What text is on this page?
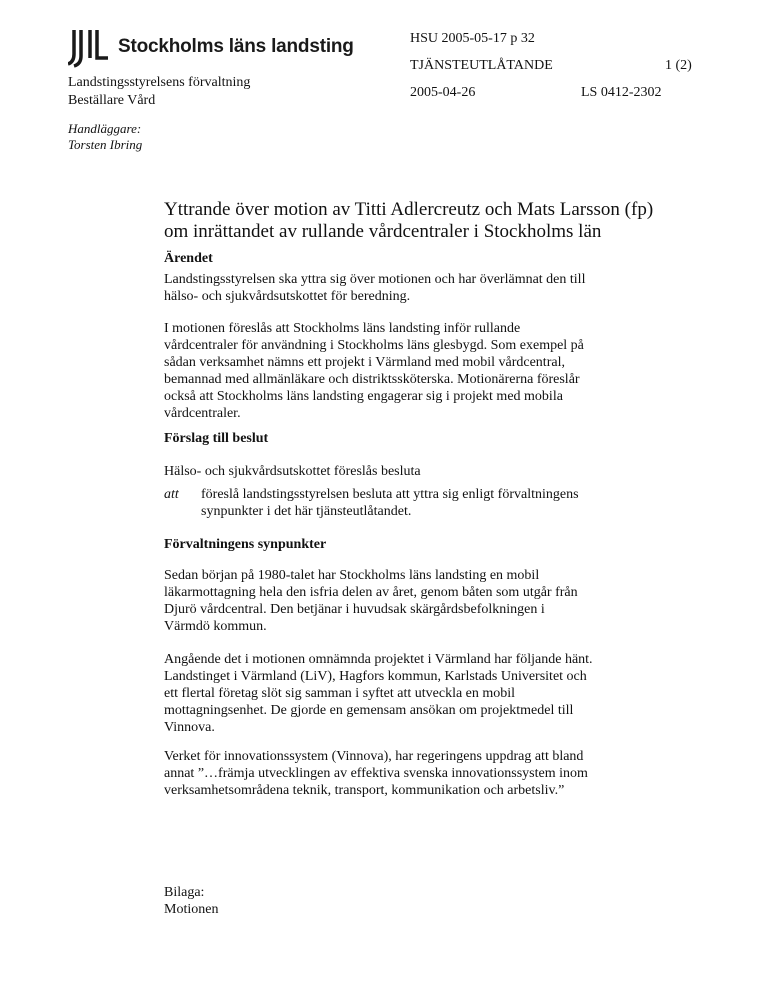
Stockholms läns landsting
Landstingsstyrelsens förvaltning
Beställare Vård
Handläggare:
Torsten Ibring
HSU 2005-05-17 p 32
TJÄNSTEUTLÅTANDE	1 (2)
2005-04-26	LS 0412-2302
Yttrande över motion av Titti Adlercreutz och Mats Larsson (fp)
om inrättandet av rullande vårdcentraler i Stockholms län
Ärendet
Landstingsstyrelsen ska yttra sig över motionen och har överlämnat den till
hälso- och sjukvårdsutskottet för beredning.
I motionen föreslås att Stockholms läns landsting inför rullande
vårdcentraler för användning i Stockholms läns glesbygd. Som exempel på
sådan verksamhet nämns ett projekt i Värmland med mobil vårdcentral,
bemannad med allmänläkare och distriktssköterska. Motionärerna föreslår
också att Stockholms läns landsting engagerar sig i projekt med mobila
vårdcentraler.
Förslag till beslut
Hälso- och sjukvårdsutskottet föreslås besluta
att föreslå landstingsstyrelsen besluta att yttra sig enligt förvaltningens
synpunkter i det här tjänsteutlåtandet.
Förvaltningens synpunkter
Sedan början på 1980-talet har Stockholms läns landsting en mobil
läkarmottagning hela den isfria delen av året, genom båten som utgår från
Djurö vårdcentral. Den betjänar i huvudsak skärgårdsbefolkningen i
Värmdö kommun.
Angående det i motionen omnämnda projektet i Värmland har följande hänt.
Landstinget i Värmland (LiV), Hagfors kommun, Karlstads Universitet och
ett flertal företag slöt sig samman i syftet att utveckla en mobil
mottagningsenhet. De gjorde en gemensam ansökan om projektmedel till
Vinnova.
Verket för innovationssystem (Vinnova), har regeringens uppdrag att bland
annat ”…främja utvecklingen av effektiva svenska innovationssystem inom
verksamhetsområdena teknik, transport, kommunikation och arbetsliv.”
Bilaga:
Motionen
